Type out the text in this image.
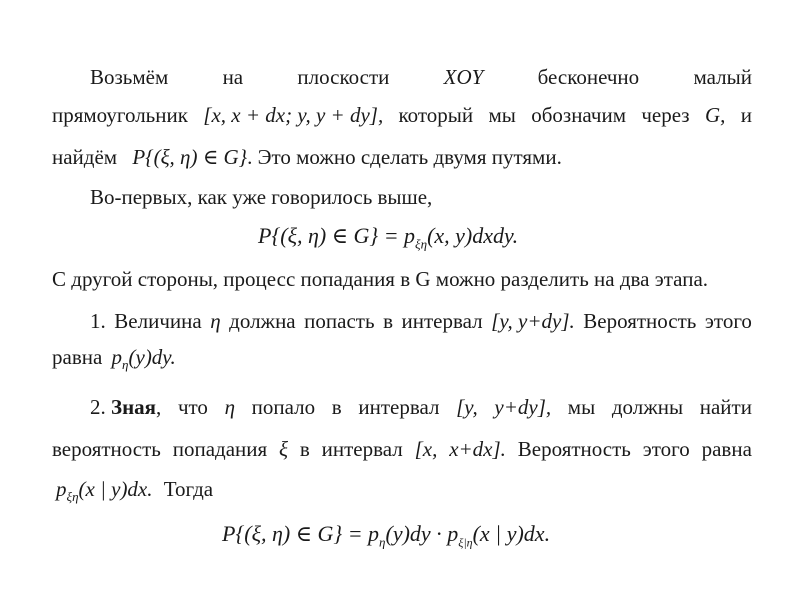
Возьмём	на	плоскости	XOY	бесконечно	малый
прямоугольник [x, x + dx; y, y + dy], который мы обозначим через G, и
найдём P{(ξ, η) ∈ G}. Это можно сделать двумя путями.
Во-первых, как уже говорилось выше,
P{(ξ, η) ∈ $G\} = p_{\xi\eta}(x$, y)dxdy.
С другой стороны, процесс попадания в G можно разделить на два этапа.
1. Величина η должна попасть в интервал [y, y+dy]. Вероятность этого
равна $p_\eta(y)dy$.
2. Зная, что η попало в интервал [y, y+dy], мы должны найти
вероятность попадания ξ в интервал [x, x+dx]. Вероятность этого равна
$p_{\xi\eta}(x$ | y)dx. Тогда
P{(ξ, η) ∈ $G\} = p_\eta(y)dy \cdot p_{\xi|\eta}(x$ | y)dx.
